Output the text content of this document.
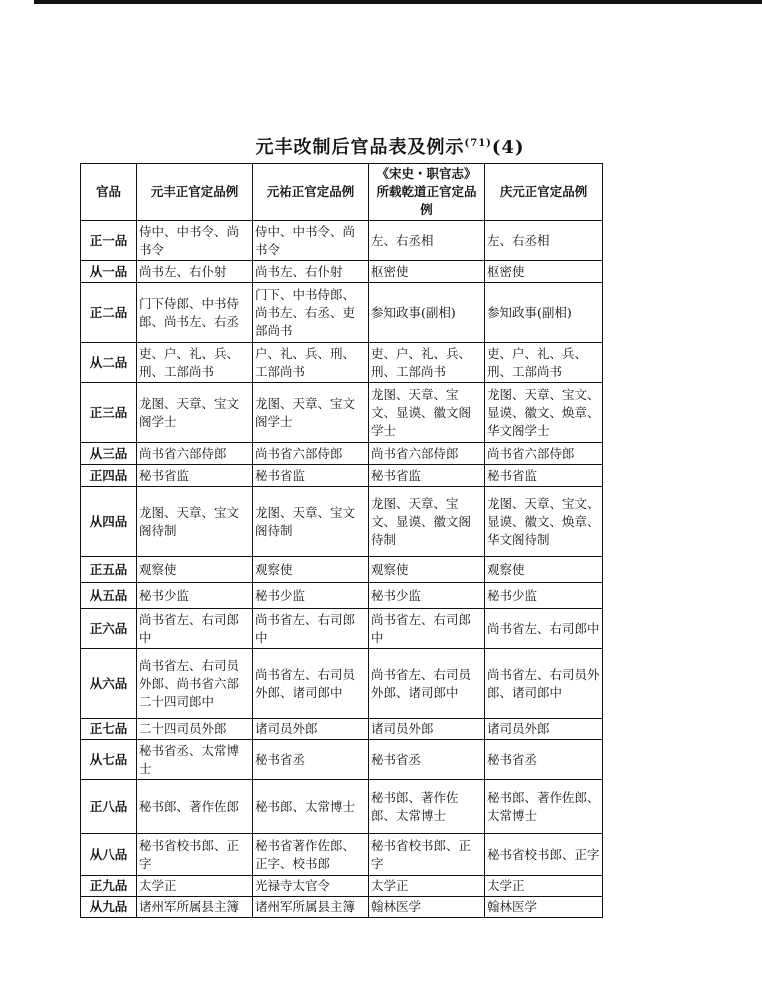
元丰改制后官品表及例示$^{(71)}$(4)
官品	元丰正官定品例	元祐正官定品例	《宋史・职官志》所载乾道正官定品例	庆元正官定品例
正一品	侍中、中书令、尚书令	侍中、中书令、尚书令	左、右丞相	左、右丞相
从一品	尚书左、右仆射	尚书左、右仆射	枢密使	枢密使
正二品	门下侍郎、中书侍郎、尚书左、右丞	门下、中书侍郎、尚书左、右丞、吏部尚书	参知政事(副相)	参知政事(副相)
从二品	吏、户、礼、兵、刑、工部尚书	户、礼、兵、刑、工部尚书	吏、户、礼、兵、刑、工部尚书	吏、户、礼、兵、刑、工部尚书
正三品	龙图、天章、宝文阁学士	龙图、天章、宝文阁学士	龙图、天章、宝文、显谟、徽文阁学士	龙图、天章、宝文、显谟、徽文、焕章、华文阁学士
从三品	尚书省六部侍郎	尚书省六部侍郎	尚书省六部侍郎	尚书省六部侍郎
正四品	秘书省监	秘书省监	秘书省监	秘书省监
从四品	龙图、天章、宝文阁待制	龙图、天章、宝文阁待制	龙图、天章、宝文、显谟、徽文阁待制	龙图、天章、宝文、显谟、徽文、焕章、华文阁待制
正五品	观察使	观察使	观察使	观察使
从五品	秘书少监	秘书少监	秘书少监	秘书少监
正六品	尚书省左、右司郎中	尚书省左、右司郎中	尚书省左、右司郎中	尚书省左、右司郎中
从六品	尚书省左、右司员外郎、尚书省六部二十四司郎中	尚书省左、右司员外郎、诸司郎中	尚书省左、右司员外郎、诸司郎中	尚书省左、右司员外郎、诸司郎中
正七品	二十四司员外郎	诸司员外郎	诸司员外郎	诸司员外郎
从七品	秘书省丞、太常博士	秘书省丞	秘书省丞	秘书省丞
正八品	秘书郎、著作佐郎	秘书郎、太常博士	秘书郎、著作佐郎、太常博士	秘书郎、著作佐郎、太常博士
从八品	秘书省校书郎、正字	秘书省著作佐郎、正字、校书郎	秘书省校书郎、正字	秘书省校书郎、正字
正九品	太学正	光禄寺太官令	太学正	太学正
从九品	诸州军所属县主簿	诸州军所属县主簿	翰林医学	翰林医学
